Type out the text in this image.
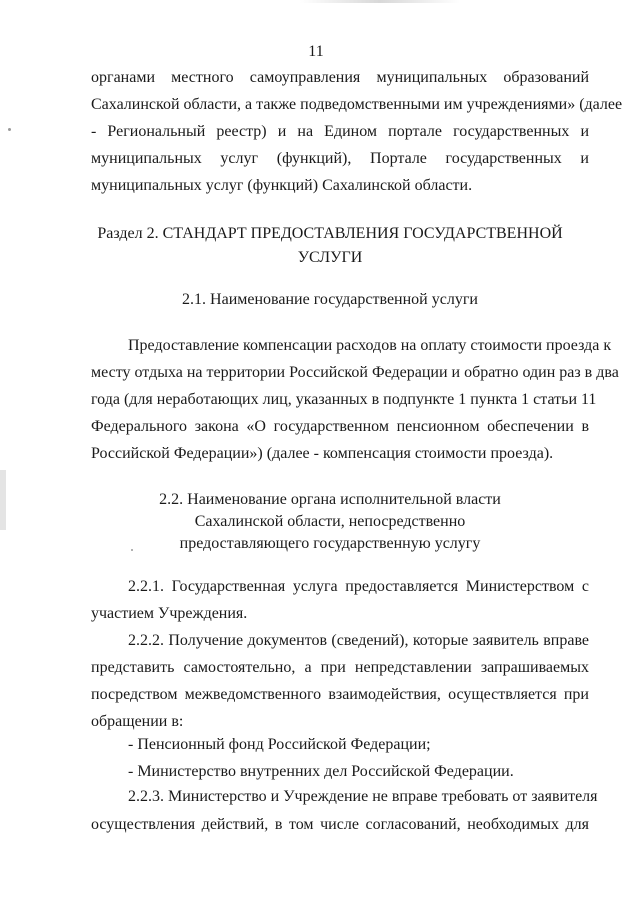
11
органами местного самоуправления муниципальных образований
Сахалинской области, а также подведомственными им учреждениями» (далее
- Региональный реестр) и на Едином портале государственных и
муниципальных услуг (функций), Портале государственных и
муниципальных услуг (функций) Сахалинской области.
Раздел 2. СТАНДАРТ ПРЕДОСТАВЛЕНИЯ ГОСУДАРСТВЕННОЙ
УСЛУГИ
2.1. Наименование государственной услуги
Предоставление компенсации расходов на оплату стоимости проезда к
месту отдыха на территории Российской Федерации и обратно один раз в два
года (для неработающих лиц, указанных в подпункте 1 пункта 1 статьи 11
Федерального закона «О государственном пенсионном обеспечении в
Российской Федерации») (далее - компенсация стоимости проезда).
2.2. Наименование органа исполнительной власти
Сахалинской области, непосредственно
предоставляющего государственную услугу
2.2.1. Государственная услуга предоставляется Министерством с
участием Учреждения.
2.2.2. Получение документов (сведений), которые заявитель вправе
представить самостоятельно, а при непредставлении запрашиваемых
посредством межведомственного взаимодействия, осуществляется при
обращении в:
- Пенсионный фонд Российской Федерации;
- Министерство внутренних дел Российской Федерации.
2.2.3. Министерство и Учреждение не вправе требовать от заявителя
осуществления действий, в том числе согласований, необходимых для
